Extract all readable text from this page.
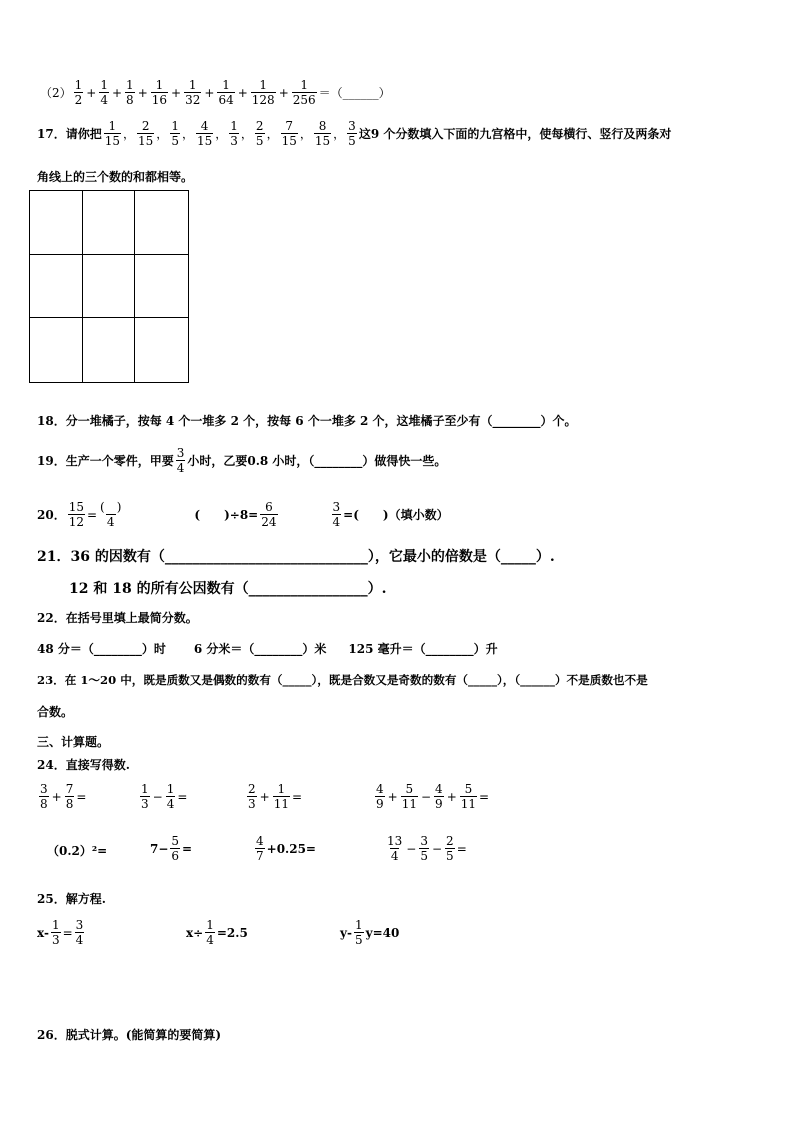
$(2) \frac{1}{2} + \frac{1}{4} + \frac{1}{8} + \frac{1}{16} + \frac{1}{32} + \frac{1}{64} + \frac{1}{128} + \frac{1}{256}$ ＝（______）
17． 请你把 $\frac{1}{15}$ ， $\frac{2}{15}$ ， $\frac{1}{5}$ ， $\frac{4}{15}$ ， $\frac{1}{3}$ ， $\frac{2}{5}$ ， $\frac{7}{15}$ ， $\frac{8}{15}$ ， $\frac{3}{5}$ 这9 个分数填入下面的九宫格中，使每横行、竖行及两条对
角线上的三个数的和都相等。
18．分一堆橘子，按每 4 个一堆多 2 个，按每 6 个一堆多 2 个，这堆橘子至少有（________）个。
19．生产一个零件，甲要 $\frac{3}{4}$ 小时，乙要0.8 小时，（________）做得快一些。
20． $\frac{15}{12} = \frac{( )}{4}$	(　　)$\div 8= \frac{6}{24}$	$\frac{3}{4}$ =(　　)（填小数）
21．36 的因数有（_____________________________），它最小的倍数是（_____）.
12 和 18 的所有公因数有（_________________）.
22．在括号里填上最简分数。
48 分＝（________）时 6 分米＝（________）米 125 毫升＝（________）升
23．在 1～20 中，既是质数又是偶数的数有（_____），既是合数又是奇数的数有（_____），（______）不是质数也不是
合数。
三、计算题。
24．直接写得数.
$\frac{3}{8} + \frac{7}{8}$ =	$\frac{1}{3} - \frac{1}{4}$ =	$\frac{2}{3} + \frac{1}{11}$ =	$\frac{4}{9} + \frac{5}{11} - \frac{4}{9} + \frac{5}{11}$ =
（0.2）²=	$7- \frac{5}{6}$ =	$\frac{4}{7} +0.25=$	$\frac{13}{4} - \frac{3}{5} - \frac{2}{5}$ =
25．解方程.
$x- \frac{1}{3} = \frac{3}{4}$	$x\div \frac{1}{4} =2.5$	$y- \frac{1}{5} y=40$
26．脱式计算。(能简算的要简算)
